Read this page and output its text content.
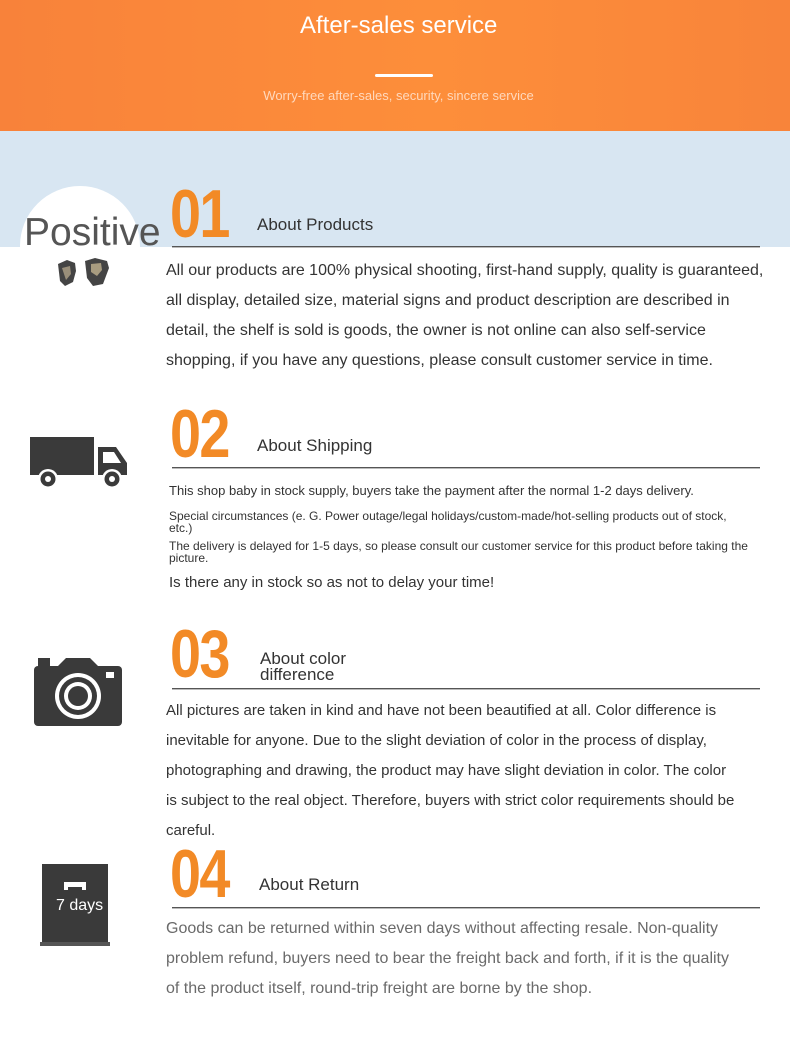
After-sales service
Worry-free after-sales, security, sincere service
Positive 01 About Products
All our products are 100% physical shooting, first-hand supply, quality is guaranteed, all display, detailed size, material signs and product description are described in detail, the shelf is sold is goods, the owner is not online can also self-service shopping, if you have any questions, please consult customer service in time.
02 About Shipping
This shop baby in stock supply, buyers take the payment after the normal 1-2 days delivery.
Special circumstances (e. G. Power outage/legal holidays/custom-made/hot-selling products out of stock, etc.)
The delivery is delayed for 1-5 days, so please consult our customer service for this product before taking the picture.
Is there any in stock so as not to delay your time!
03 About color difference
All pictures are taken in kind and have not been beautified at all. Color difference is inevitable for anyone. Due to the slight deviation of color in the process of display, photographing and drawing, the product may have slight deviation in color. The color is subject to the real object. Therefore, buyers with strict color requirements should be careful.
7 days 04 About Return
Goods can be returned within seven days without affecting resale. Non-quality problem refund, buyers need to bear the freight back and forth, if it is the quality of the product itself, round-trip freight are borne by the shop.
